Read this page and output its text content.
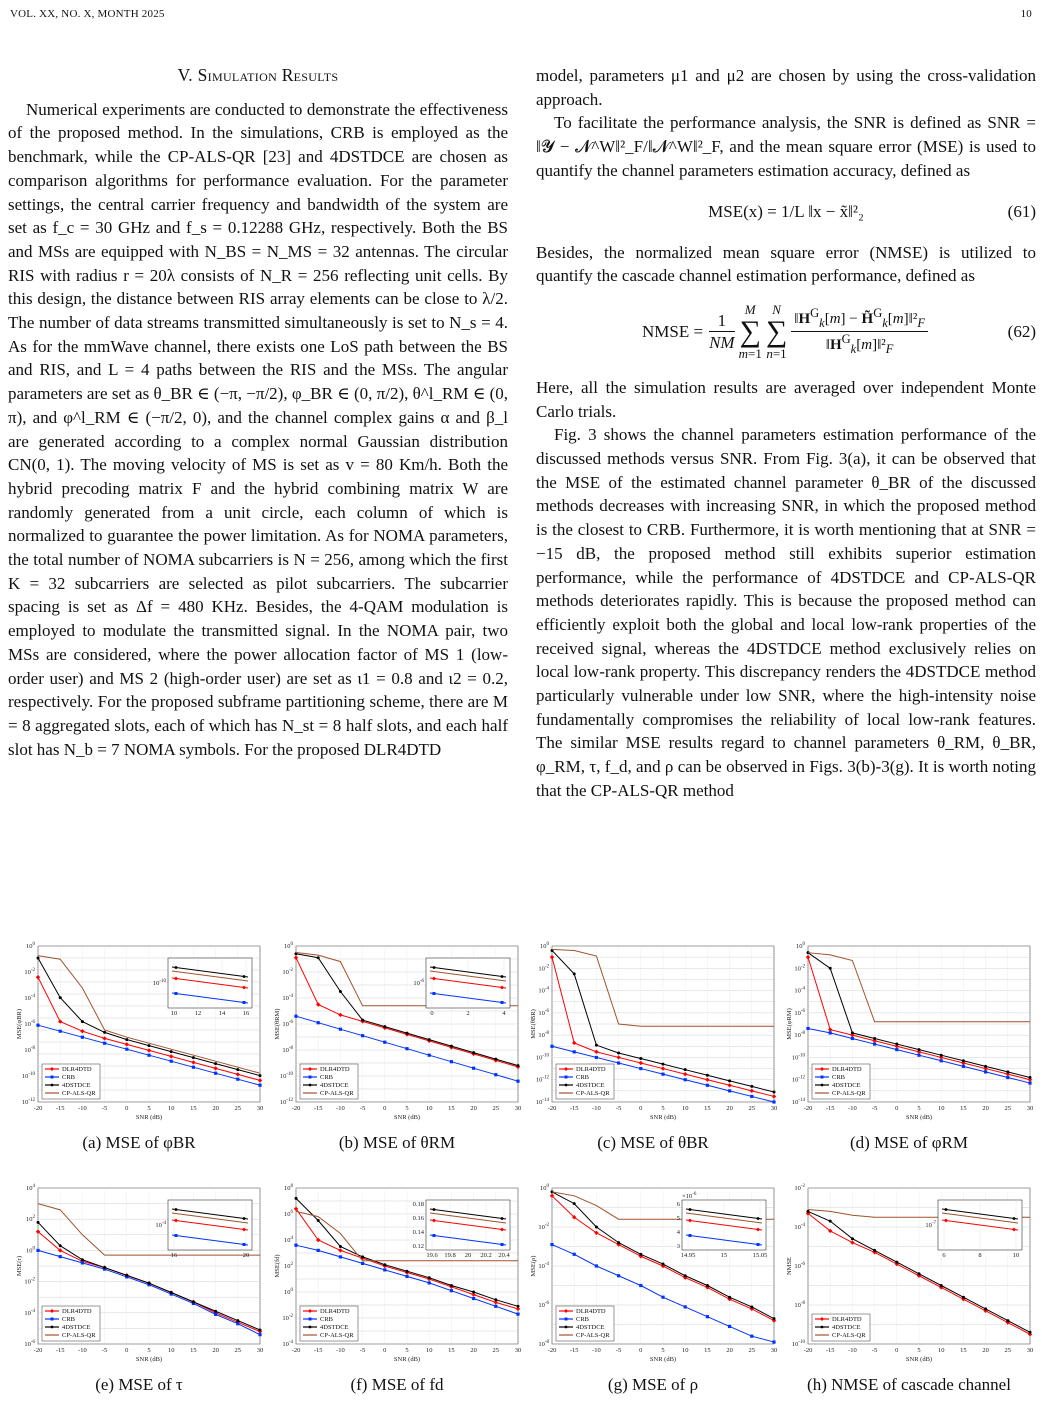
VOL. XX, NO. X, MONTH 2025	10
V. Simulation Results

Numerical experiments are conducted to demonstrate the effectiveness of the proposed method. In the simulations, CRB is employed as the benchmark, while the CP-ALS-QR [23] and 4DSTDCE are chosen as comparison algorithms for performance evaluation. For the parameter settings, the central carrier frequency and bandwidth of the system are set as f_c = 30 GHz and f_s = 0.12288 GHz, respectively. Both the BS and MSs are equipped with N_BS = N_MS = 32 antennas. The circular RIS with radius r = 20λ consists of N_R = 256 reflecting unit cells. By this design, the distance between RIS array elements can be close to λ/2. The number of data streams transmitted simultaneously is set to N_s = 4. As for the mmWave channel, there exists one LoS path between the BS and RIS, and L = 4 paths between the RIS and the MSs. The angular parameters are set as θ_BR ∈ (−π, −π/2), φ_BR ∈ (0, π/2), θ^l_RM ∈ (0, π), and φ^l_RM ∈ (−π/2, 0), and the channel complex gains α and β_l are generated according to a complex normal Gaussian distribution CN(0, 1). The moving velocity of MS is set as v = 80 Km/h. Both the hybrid precoding matrix F and the hybrid combining matrix W are randomly generated from a unit circle, each column of which is normalized to guarantee the power limitation. As for NOMA parameters, the total number of NOMA subcarriers is N = 256, among which the first K = 32 subcarriers are selected as pilot subcarriers. The subcarrier spacing is set as Δf = 480 KHz. Besides, the 4-QAM modulation is employed to modulate the transmitted signal. In the NOMA pair, two MSs are considered, where the power allocation factor of MS 1 (low-order user) and MS 2 (high-order user) are set as ι1 = 0.8 and ι2 = 0.2, respectively. For the proposed subframe partitioning scheme, there are M = 8 aggregated slots, each of which has N_st = 8 half slots, and each half slot has N_b = 7 NOMA symbols. For the proposed DLR4DTD

model, parameters μ1 and μ2 are chosen by using the cross-validation approach.

To facilitate the performance analysis, the SNR is defined as SNR = ‖𝓨 − 𝓝^W‖²_F/‖𝓝^W‖²_F, and the mean square error (MSE) is used to quantify the channel parameters estimation accuracy, defined as

MSE(x) = 1/L ‖x − x̃‖²₂	(61)

Besides, the normalized mean square error (NMSE) is utilized to quantify the cascade channel estimation performance, defined as

NMSE = $\frac{1}{NM}$
M
∑
m=1
N
∑
$n=1 \frac{‖H^G_k[m] - H̃^G_k[m]‖^2_F}{‖H^G_k[m]‖^2_F}$	(62)

Here, all the simulation results are averaged over independent Monte Carlo trials.

Fig. 3 shows the channel parameters estimation performance of the discussed methods versus SNR. From Fig. 3(a), it can be observed that the MSE of the estimated channel parameter θ_BR of the discussed methods decreases with increasing SNR, in which the proposed method is the closest to CRB. Furthermore, it is worth mentioning that at SNR = −15 dB, the proposed method still exhibits superior estimation performance, while the performance of 4DSTDCE and CP-ALS-QR methods deteriorates rapidly. This is because the proposed method can efficiently exploit both the global and local low-rank properties of the received signal, whereas the 4DSTDCE method exclusively relies on local low-rank property. This discrepancy renders the 4DSTDCE method particularly vulnerable under low SNR, where the high-intensity noise fundamentally compromises the reliability of local low-rank features. The similar MSE results regard to channel parameters θ_RM, θ_BR, φ_RM, τ, f_d, and ρ can be observed in Figs. 3(b)-3(g). It is worth noting that the CP-ALS-QR method

-20 -15 -10 -5	0	5	10 15 20 25 30
SNR (dB)
$10^0$
$10^{-2}$
$10^{-4}$
$10^{-6}$
$10^{-8}$
$10^{-10}$
$10^{-12}$
MSE(φBR)
DLR4DTD
CRB
4DSTDCE
CP-ALS-QR
10	12	14	16
$10^{-10}$
(a) MSE of φBR
-20 -15 -10 -5	0	5	10 15 20 25 30
SNR (dB)
$10^0$
$10^{-2}$
$10^{-4}$
$10^{-6}$
$10^{-8}$
$10^{-10}$
$10^{-12}$
MSE(θRM)
DLR4DTD
CRB
4DSTDCE
CP-ALS-QR
0	2	4
$10^{-6}$
(b) MSE of θRM
-20 -15 -10 -5	0	5	10 15 20 25 30
SNR (dB)
$10^0$
$10^{-2}$
$10^{-4}$
$10^{-6}$
$10^{-8}$
$10^{-10}$
$10^{-12}$
$10^{-14}$
MSE(θBR)
DLR4DTD
CRB
4DSTDCE
CP-ALS-QR
(c) MSE of θBR
-20 -15 -10 -5	0	5	10 15 20 25 30
SNR (dB)
$10^0$
$10^{-2}$
$10^{-4}$
$10^{-6}$
$10^{-8}$
$10^{-10}$
$10^{-12}$
$10^{-14}$
MSE(φRM)
DLR4DTD
CRB
4DSTDCE
CP-ALS-QR
(d) MSE of φRM
-20 -15 -10 -5	0	5	10 15 20 25 30
SNR (dB)
$10^4$
$10^2$
$10^0$
$10^{-2}$
$10^{-4}$
$10^{-6}$
MSE(τ)
DLR4DTD
CRB
4DSTDCE
CP-ALS-QR
16	20
$10^{-4}$
(e) MSE of τ
-20 -15 -10 -5	0	5	10 15 20 25 30
SNR (dB)
$10^8$
$10^6$
$10^4$
$10^2$
$10^0$
$10^{-2}$
$10^{-4}$
MSE(fd)
DLR4DTD
CRB
4DSTDCE
CP-ALS-QR
19.6 19.8 20 20.2 20.4
0.18
0.16
0.14
0.12
(f) MSE of fd
-20 -15 -10 -5	0	5	10 15 20 25 30
SNR (dB)
$10^0$
$10^{-2}$
$10^{-4}$
$10^{-6}$
$10^{-8}$
MSE(ρ)
DLR4DTD
CRB
4DSTDCE
CP-ALS-QR
14.95	15	15.05
6
5
4
3
$\times 10^{-6}$
(g) MSE of ρ
-20 -15 -10 -5	0	5	10 15 20 25 30
SNR (dB)
$10^{-2}$
$10^{-4}$
$10^{-6}$
$10^{-8}$
$10^{-10}$
NMSE
DLR4DTD
4DSTDCE
CP-ALS-QR
6	8	10
$10^{-7}$
(h) NMSE of cascade channel
